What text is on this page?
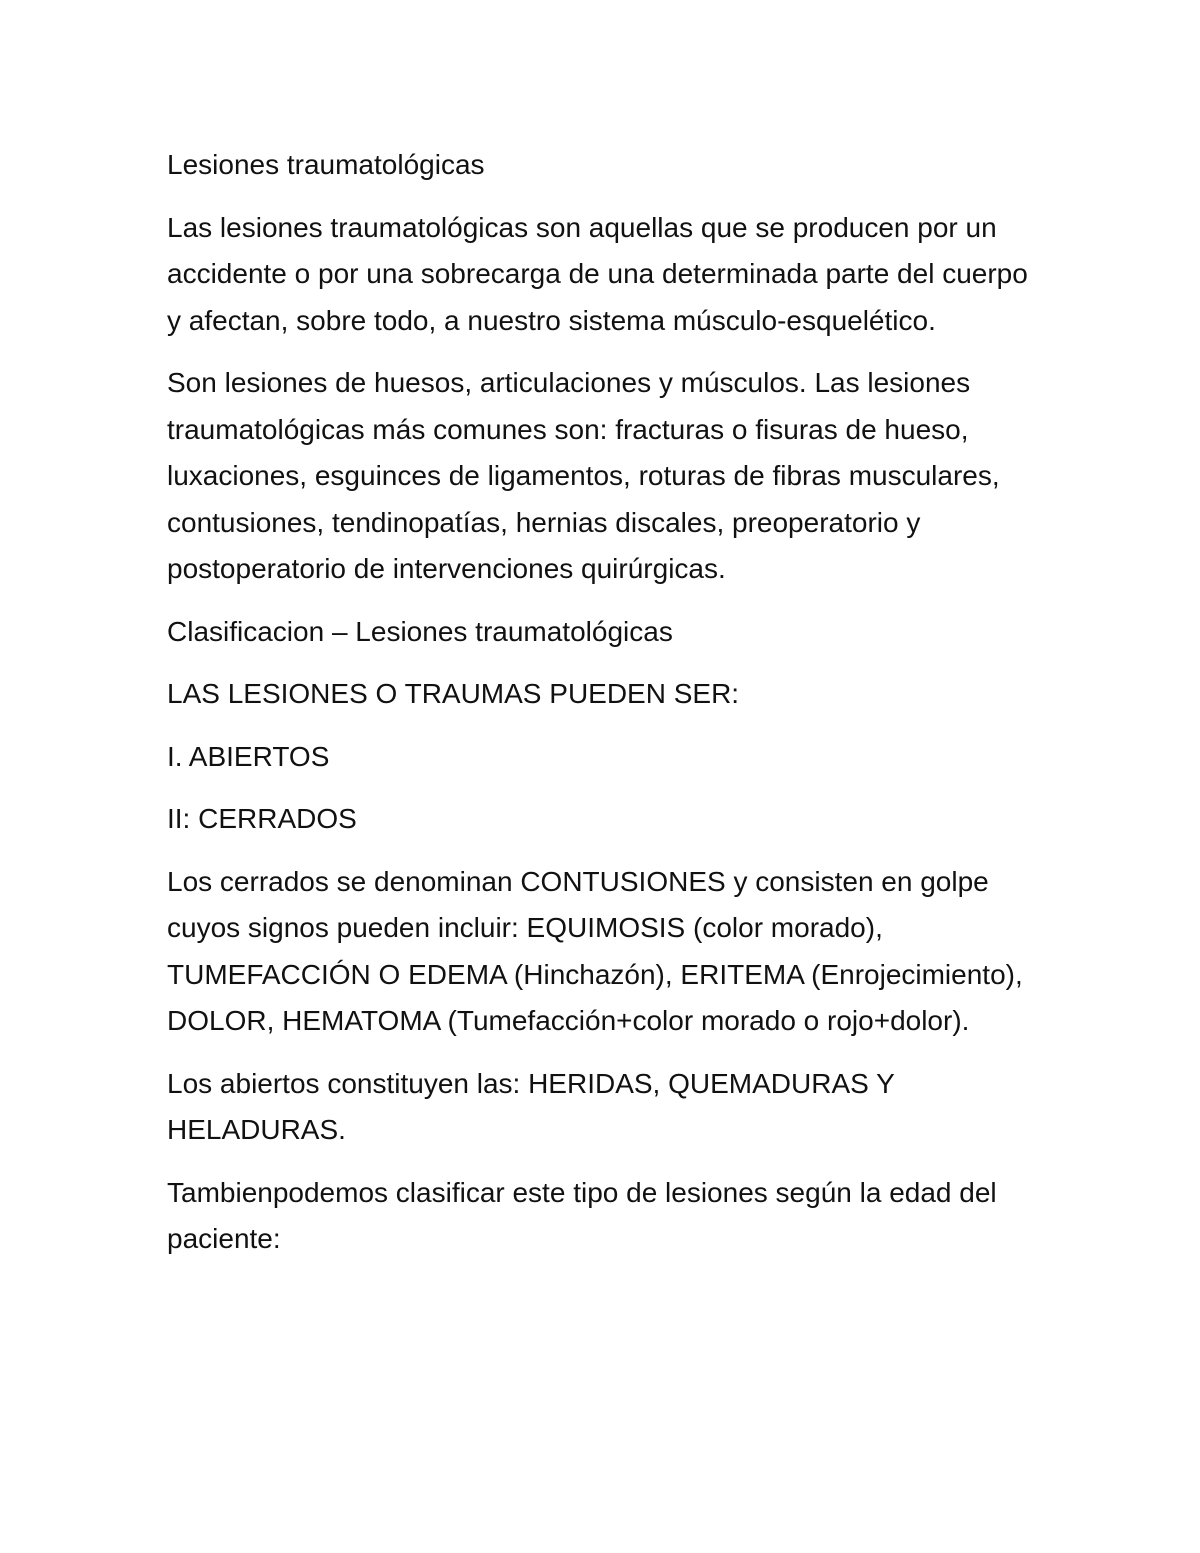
Lesiones traumatológicas

Las lesiones traumatológicas son aquellas que se producen por un accidente o por una sobrecarga de una determinada parte del cuerpo y afectan, sobre todo, a nuestro sistema músculo-esquelético.

Son lesiones de huesos, articulaciones y músculos. Las lesiones traumatológicas más comunes son: fracturas o fisuras de hueso, luxaciones, esguinces de ligamentos, roturas de fibras musculares, contusiones, tendinopatías, hernias discales, preoperatorio y postoperatorio de intervenciones quirúrgicas.

Clasificacion – Lesiones traumatológicas

LAS LESIONES O TRAUMAS PUEDEN SER:

I. ABIERTOS

II: CERRADOS

Los cerrados se denominan CONTUSIONES y consisten en golpe cuyos signos pueden incluir: EQUIMOSIS (color morado), TUMEFACCIÓN O EDEMA (Hinchazón), ERITEMA (Enrojecimiento), DOLOR, HEMATOMA (Tumefacción+color morado o rojo+dolor).

Los abiertos constituyen las: HERIDAS, QUEMADURAS Y HELADURAS.

Tambienpodemos clasificar este tipo de lesiones según la edad del paciente:
